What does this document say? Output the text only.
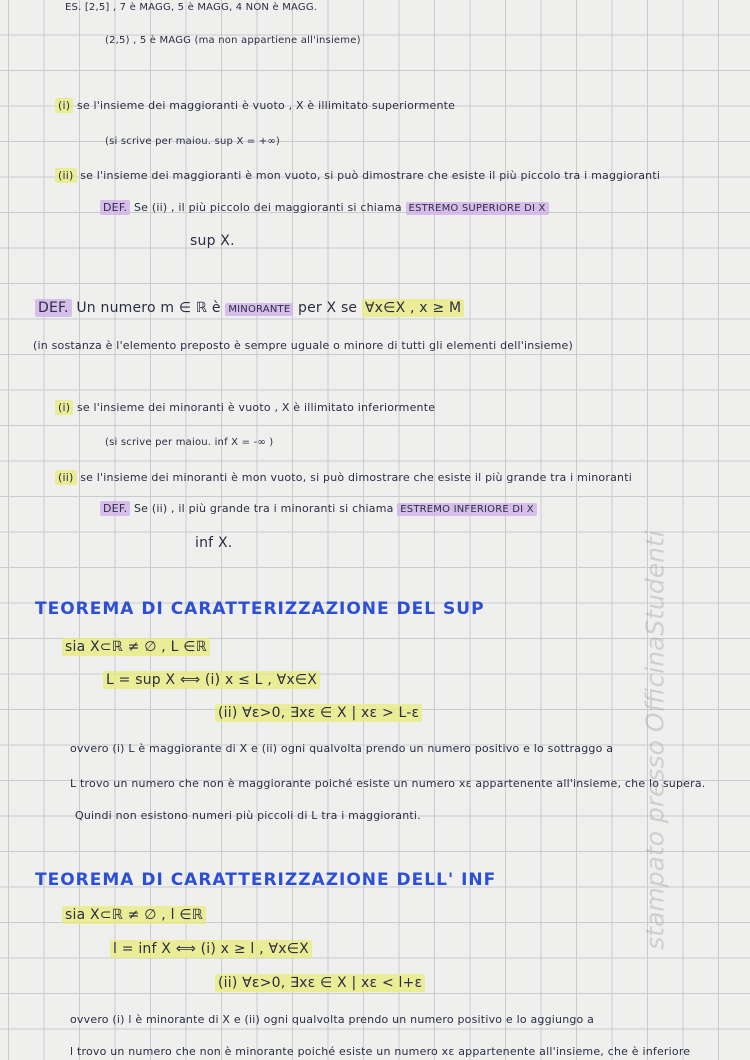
ES. [2,5] , 7 è MAGG, 5 è MAGG, 4 NON è MAGG.
(2,5) , 5 è MAGG (ma non appartiene all'insieme)
(i) se l'insieme dei maggioranti è vuoto , X è illimitato superiormente
(si scrive per maiou. sup X = +∞)
(ii) se l'insieme dei maggioranti è mon vuoto, si può dimostrare che esiste il più piccolo tra i maggioranti
DEF. Se (ii) , il più piccolo dei maggioranti si chiama ESTREMO SUPERIORE DI X
sup X.
DEF. Un numero m ∈ ℝ è MINORANTE per X se ∀x∈X , x ≥ M
(in sostanza è l'elemento preposto è sempre uguale o minore di tutti gli elementi dell'insieme)
(i) se l'insieme dei minoranti è vuoto , X è illimitato inferiormente
(si scrive per maiou. inf X = -∞ )
(ii) se l'insieme dei minoranti è mon vuoto, si può dimostrare che esiste il più grande tra i minoranti
DEF. Se (ii) , il più grande tra i minoranti si chiama ESTREMO INFERIORE DI X
inf X.
TEOREMA DI CARATTERIZZAZIONE DEL SUP
sia X⊂ℝ ≠ ∅ , L ∈ℝ
L = sup X ⟺ (i) x ≤ L , ∀x∈X
(ii) ∀ε>0, ∃xε ∈ X | xε > L-ε
ovvero (i) L è maggiorante di X e (ii) ogni qualvolta prendo un numero positivo e lo sottraggo a
L trovo un numero che non è maggiorante poiché esiste un numero xε appartenente all'insieme, che lo supera.
Quindi non esistono numeri più piccoli di L tra i maggioranti.
TEOREMA DI CARATTERIZZAZIONE DELL' INF
sia X⊂ℝ ≠ ∅ , l ∈ℝ
l = inf X ⟺ (i) x ≥ l , ∀x∈X
(ii) ∀ε>0, ∃xε ∈ X | xε < l+ε
ovvero (i) l è minorante di X e (ii) ogni qualvolta prendo un numero positivo e lo aggiungo a
l trovo un numero che non è minorante poiché esiste un numero xε appartenente all'insieme, che è inferiore
stampato presso OfficinaStudenti
